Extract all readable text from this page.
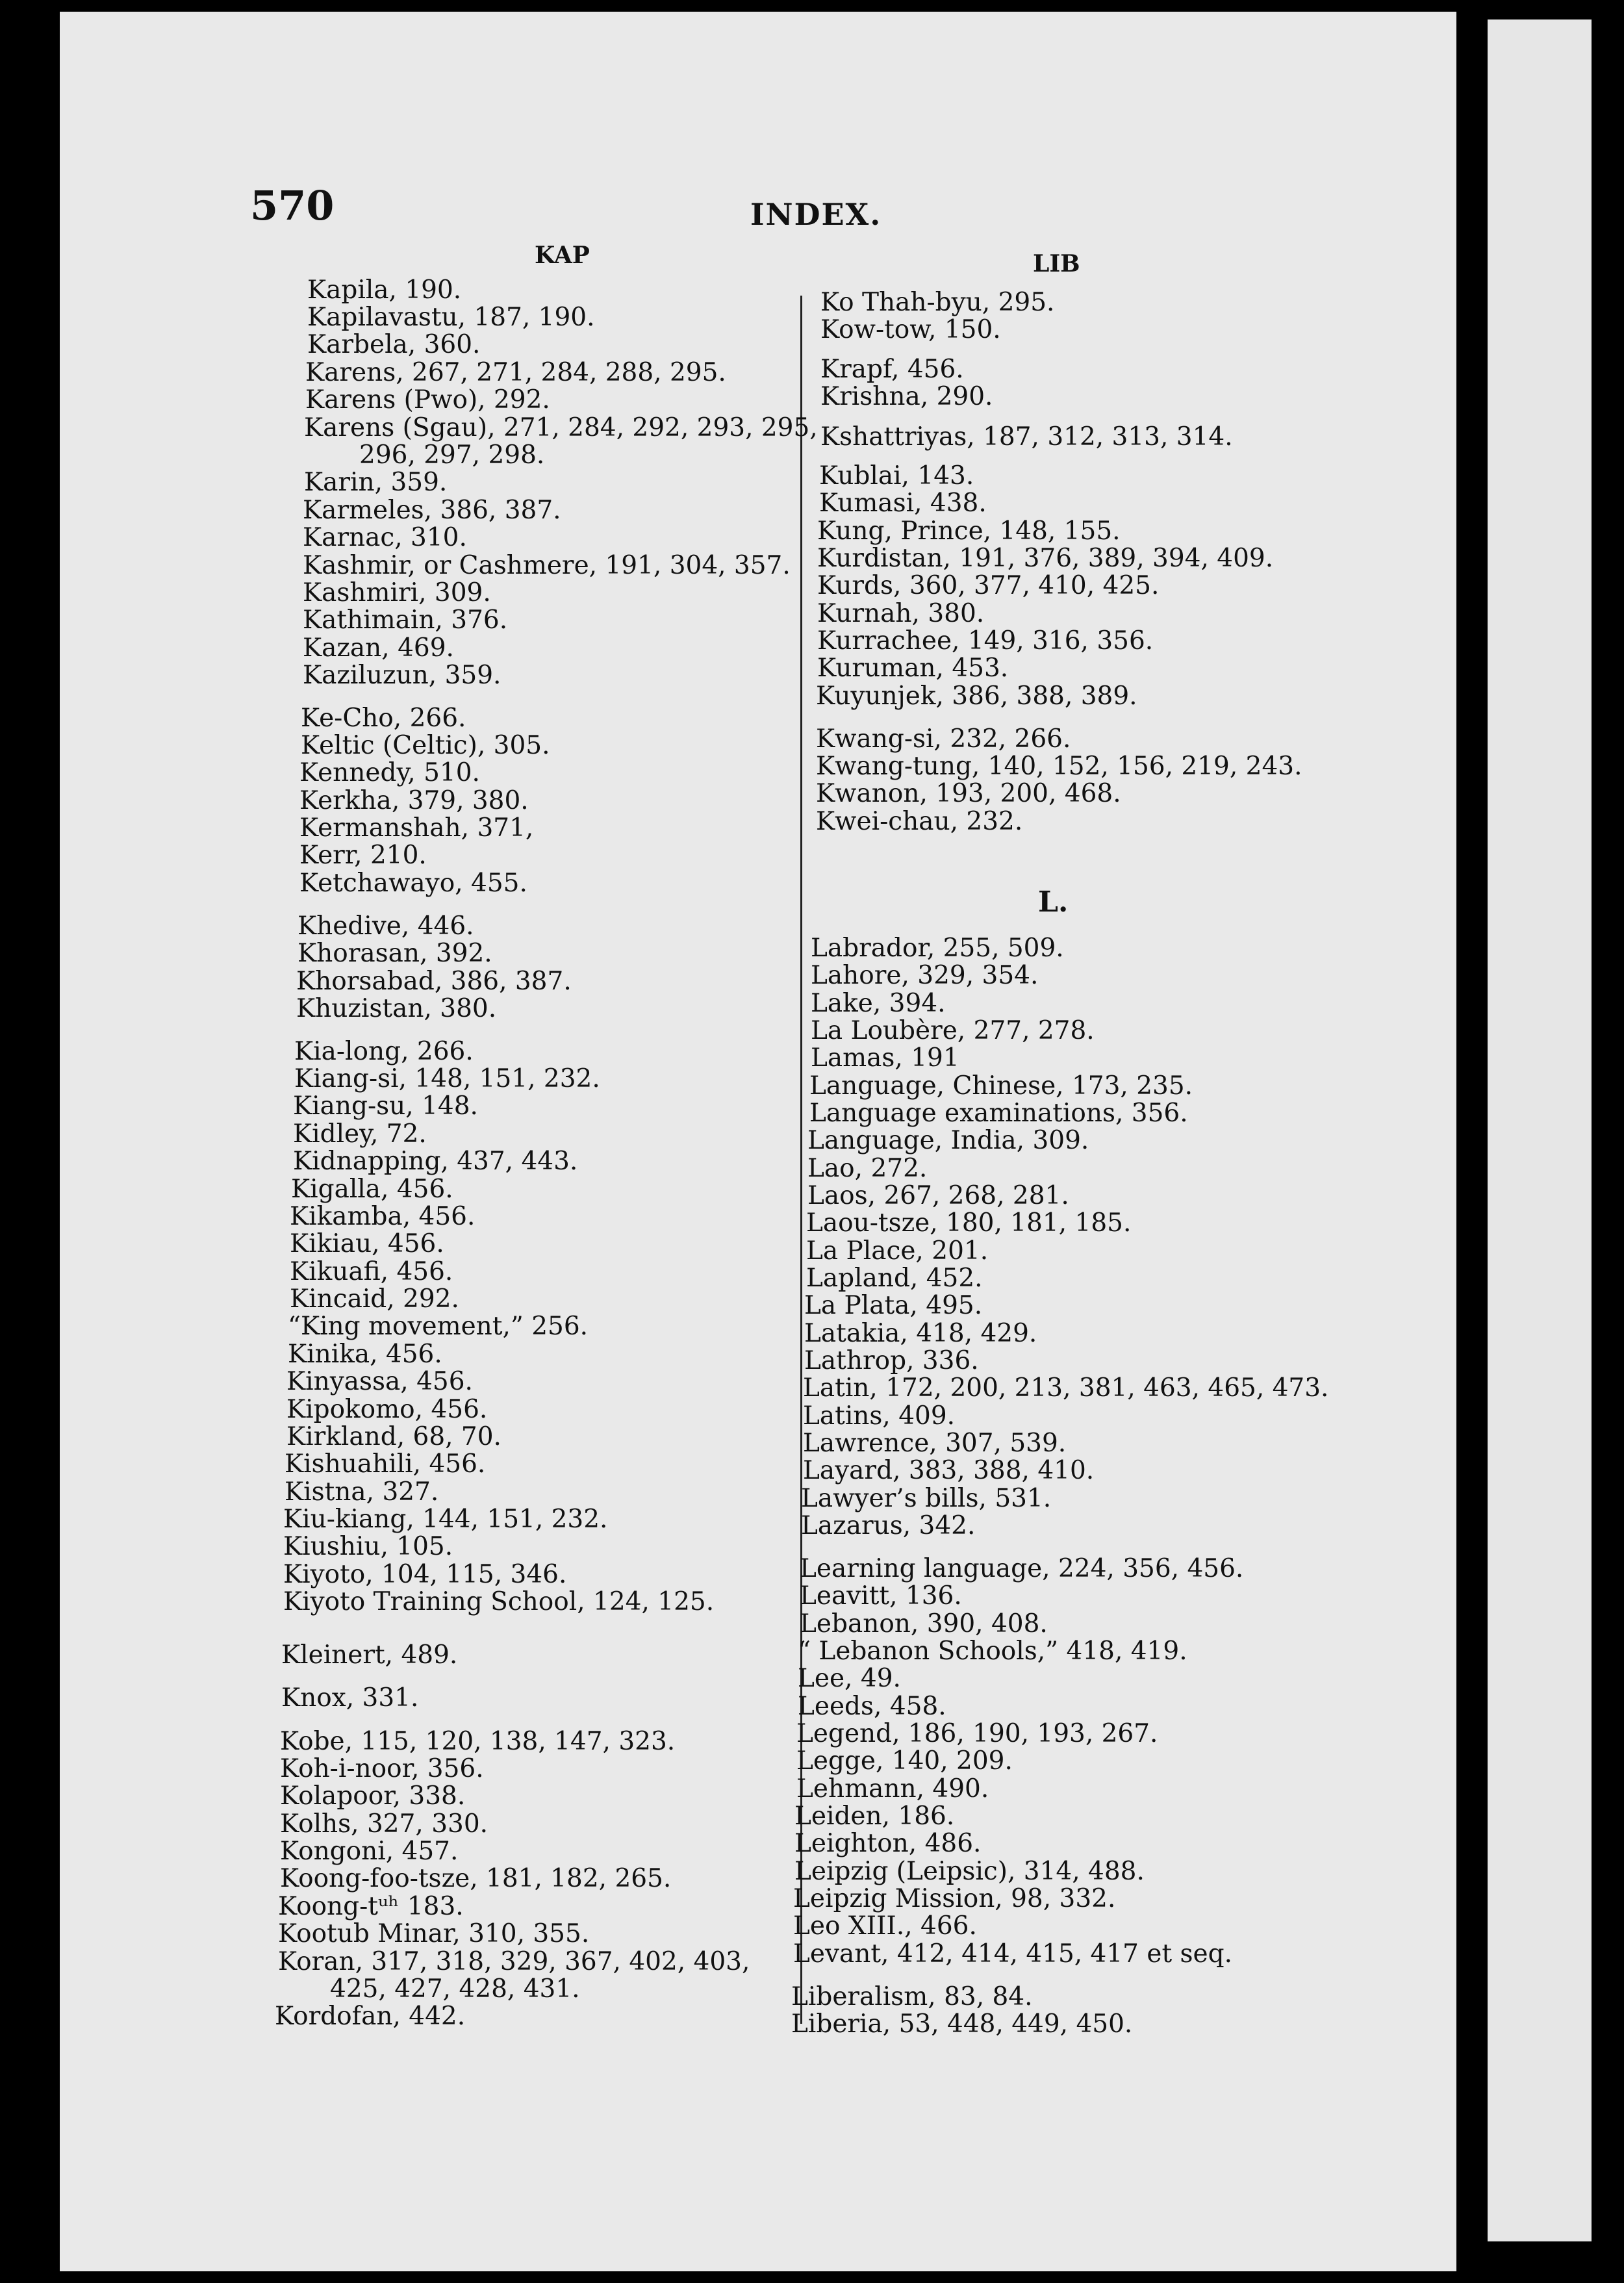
570	INDEX.
KAP	LIB
Kapila, 190.
Kapilavastu, 187, 190.
Karbela, 360.
Karens, 267, 271, 284, 288, 295.
Karens (Pwo), 292.
Karens (Sgau), 271, 284, 292, 293, 295,
296, 297, 298.
Karin, 359.
Karmeles, 386, 387.
Karnac, 310.
Kashmir, or Cashmere, 191, 304, 357.
Kashmiri, 309.
Kathimain, 376.
Kazan, 469.
Kaziluzun, 359.
Ke-Cho, 266.
Keltic (Celtic), 305.
Kennedy, 510.
Kerkha, 379, 380.
Kermanshah, 371,
Kerr, 210.
Ketchawayo, 455.
Khedive, 446.
Khorasan, 392.
Khorsabad, 386, 387.
Khuzistan, 380.
Kia-long, 266.
Kiang-si, 148, 151, 232.
Kiang-su, 148.
Kidley, 72.
Kidnapping, 437, 443.
Kigalla, 456.
Kikamba, 456.
Kikiau, 456.
Kikuafi, 456.
Kincaid, 292.
“King movement,” 256.
Kinika, 456.
Kinyassa, 456.
Kipokomo, 456.
Kirkland, 68, 70.
Kishuahili, 456.
Kistna, 327.
Kiu-kiang, 144, 151, 232.
Kiushiu, 105.
Kiyoto, 104, 115, 346.
Kiyoto Training School, 124, 125.
Kleinert, 489.
Knox, 331.
Kobe, 115, 120, 138, 147, 323.
Koh-i-noor, 356.
Kolapoor, 338.
Kolhs, 327, 330.
Kongoni, 457.
Koong-foo-tsze, 181, 182, 265.
Koong-tᵘʰ 183.
Kootub Minar, 310, 355.
Koran, 317, 318, 329, 367, 402, 403,
425, 427, 428, 431.
Kordofan, 442.
Ko Thah-byu, 295.
Kow-tow, 150.
Krapf, 456.
Krishna, 290.
Kshattriyas, 187, 312, 313, 314.
Kublai, 143.
Kumasi, 438.
Kung, Prince, 148, 155.
Kurdistan, 191, 376, 389, 394, 409.
Kurds, 360, 377, 410, 425.
Kurnah, 380.
Kurrachee, 149, 316, 356.
Kuruman, 453.
Kuyunjek, 386, 388, 389.
Kwang-si, 232, 266.
Kwang-tung, 140, 152, 156, 219, 243.
Kwanon, 193, 200, 468.
Kwei-chau, 232.
Labrador, 255, 509.
Lahore, 329, 354.
Lake, 394.
La Loubère, 277, 278.
Lamas, 191
Language, Chinese, 173, 235.
Language examinations, 356.
Language, India, 309.
Lao, 272.
Laos, 267, 268, 281.
Laou-tsze, 180, 181, 185.
La Place, 201.
Lapland, 452.
La Plata, 495.
Latakia, 418, 429.
Lathrop, 336.
Latin, 172, 200, 213, 381, 463, 465, 473.
Latins, 409.
Lawrence, 307, 539.
Layard, 383, 388, 410.
Lawyer’s bills, 531.
Lazarus, 342.
Learning language, 224, 356, 456.
Leavitt, 136.
Lebanon, 390, 408.
“ Lebanon Schools,” 418, 419.
Lee, 49.
Leeds, 458.
Legend, 186, 190, 193, 267.
Legge, 140, 209.
Lehmann, 490.
Leiden, 186.
Leighton, 486.
Leipzig (Leipsic), 314, 488.
Leipzig Mission, 98, 332.
Leo XIII., 466.
Levant, 412, 414, 415, 417 et seq.
Liberalism, 83, 84.
Liberia, 53, 448, 449, 450.
L.
